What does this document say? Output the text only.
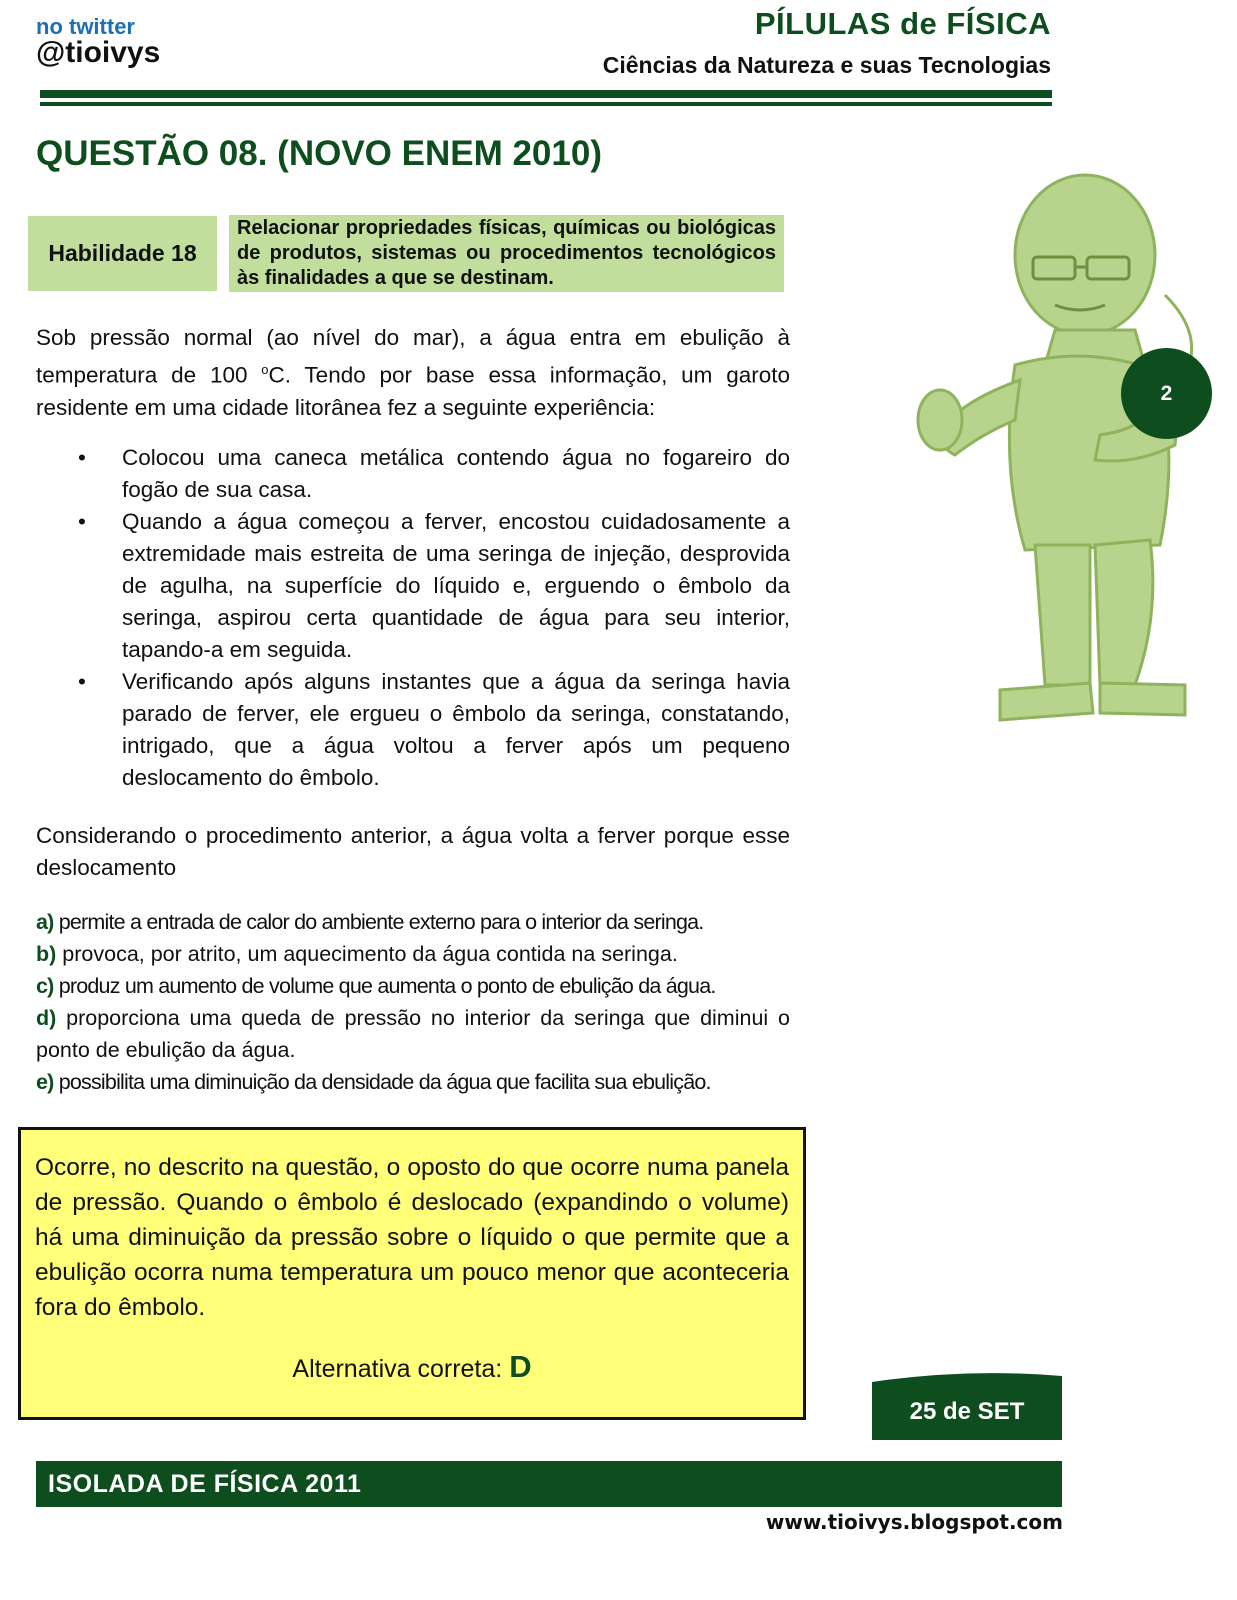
no twitter
@tioivys
PÍLULAS de FÍSICA
Ciências da Natureza e suas Tecnologias
QUESTÃO 08. (NOVO ENEM 2010)
Habilidade 18
Relacionar propriedades físicas, químicas ou biológicas de produtos, sistemas ou procedimentos tecnológicos às finalidades a que se destinam.
Sob pressão normal (ao nível do mar), a água entra em ebulição à temperatura de 100 $^o$C. Tendo por base essa informação, um garoto residente em uma cidade litorânea fez a seguinte experiência:
• Colocou uma caneca metálica contendo água no fogareiro do fogão de sua casa.
• Quando a água começou a ferver, encostou cuidadosamente a extremidade mais estreita de uma seringa de injeção, desprovida de agulha, na superfície do líquido e, erguendo o êmbolo da seringa, aspirou certa quantidade de água para seu interior, tapando-a em seguida.
• Verificando após alguns instantes que a água da seringa havia parado de ferver, ele ergueu o êmbolo da seringa, constatando, intrigado, que a água voltou a ferver após um pequeno deslocamento do êmbolo.
Considerando o procedimento anterior, a água volta a ferver porque esse deslocamento
a) permite a entrada de calor do ambiente externo para o interior da seringa.
b) provoca, por atrito, um aquecimento da água contida na seringa.
c) produz um aumento de volume que aumenta o ponto de ebulição da água.
d) proporciona uma queda de pressão no interior da seringa que diminui o ponto de ebulição da água.
e) possibilita uma diminuição da densidade da água que facilita sua ebulição.
Ocorre, no descrito na questão, o oposto do que ocorre numa panela de pressão. Quando o êmbolo é deslocado (expandindo o volume) há uma diminuição da pressão sobre o líquido o que permite que a ebulição ocorra numa temperatura um pouco menor que aconteceria fora do êmbolo.
Alternativa correta: D
2
25 de SET
ISOLADA DE FÍSICA 2011
www.tioivys.blogspot.com
